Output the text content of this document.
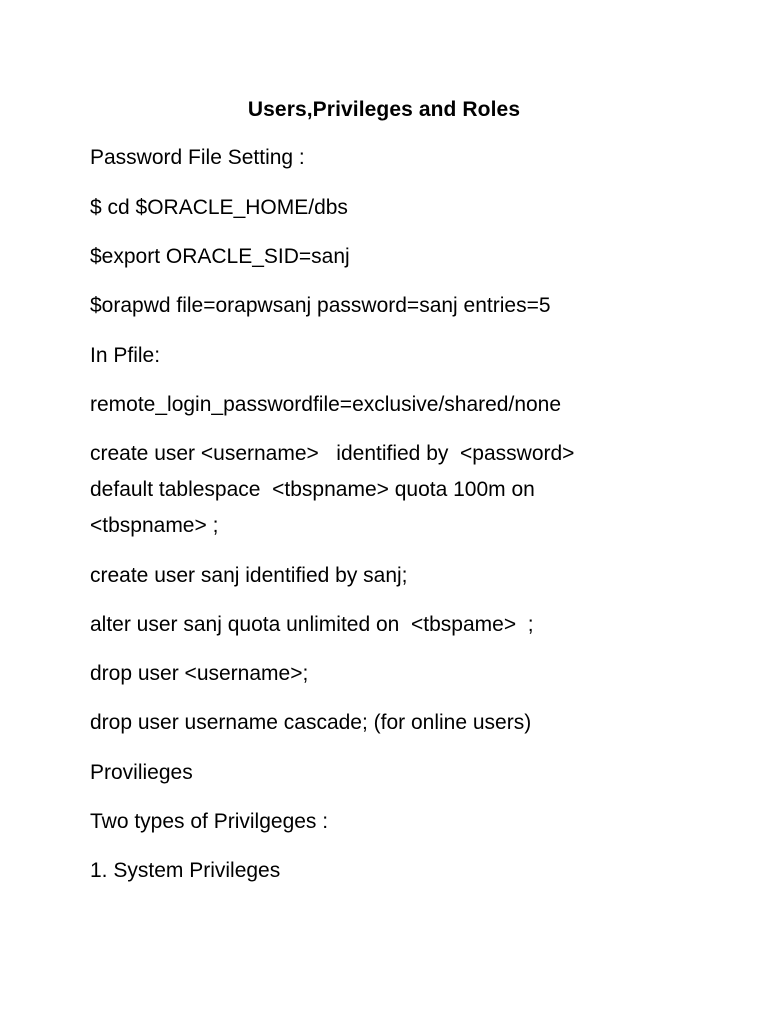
Users,Privileges and Roles
Password File Setting :
$ cd $ORACLE_HOME/dbs
$export ORACLE_SID=sanj
$orapwd file=orapwsanj password=sanj entries=5
In Pfile:
remote_login_passwordfile=exclusive/shared/none
create user <username>   identified by  <password>
default tablespace  <tbspname> quota 100m on
<tbspname> ;
create user sanj identified by sanj;
alter user sanj quota unlimited on  <tbspame>  ;
drop user <username>;
drop user username cascade; (for online users)
Provilieges
Two types of Privilgeges :
1. System Privileges
